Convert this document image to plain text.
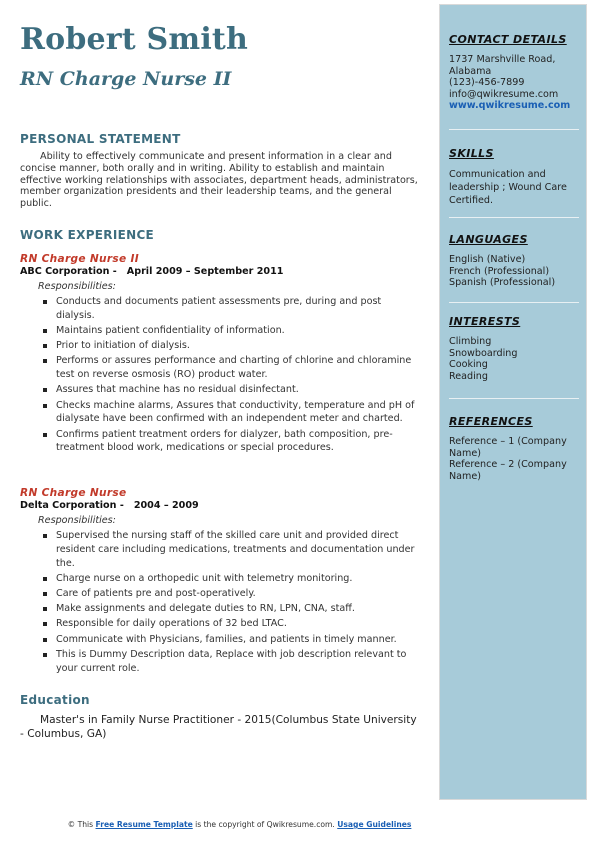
Robert Smith
RN Charge Nurse II
PERSONAL STATEMENT

Ability to effectively communicate and present information in a clear and concise manner, both orally and in writing. Ability to establish and maintain effective working relationships with associates, department heads, administrators, member organization presidents and their leadership teams, and the general public.

WORK EXPERIENCE

RN Charge Nurse II

ABC Corporation -   April 2009 – September 2011

Responsibilities:

Conducts and documents patient assessments pre, during and post dialysis.
Maintains patient confidentiality of information.
Prior to initiation of dialysis.
Performs or assures performance and charting of chlorine and chloramine test on reverse osmosis (RO) product water.
Assures that machine has no residual disinfectant.
Checks machine alarms, Assures that conductivity, temperature and pH of dialysate have been confirmed with an independent meter and charted.
Confirms patient treatment orders for dialyzer, bath composition, pre-treatment blood work, medications or special procedures.

RN Charge Nurse

Delta Corporation -   2004 – 2009

Responsibilities:

Supervised the nursing staff of the skilled care unit and provided direct resident care including medications, treatments and documentation under the.
Charge nurse on a orthopedic unit with telemetry monitoring.
Care of patients pre and post-operatively.
Make assignments and delegate duties to RN, LPN, CNA, staff.
Responsible for daily operations of 32 bed LTAC.
Communicate with Physicians, families, and patients in timely manner.
This is Dummy Description data, Replace with job description relevant to your current role.
Education

Master's in Family Nurse Practitioner - 2015(Columbus State University - Columbus, GA)

CONTACT DETAILS
1737 Marshville Road,
Alabama
(123)-456-7899
info@qwikresume.com
www.qwikresume.com
SKILLS

Communication and leadership ; Wound Care Certified.

LANGUAGES
English (Native)
French (Professional)
Spanish (Professional)
INTERESTS
Climbing
Snowboarding
Cooking
Reading
REFERENCES
Reference – 1 (Company Name)
Reference – 2 (Company Name)
© This Free Resume Template is the copyright of Qwikresume.com. Usage Guidelines
